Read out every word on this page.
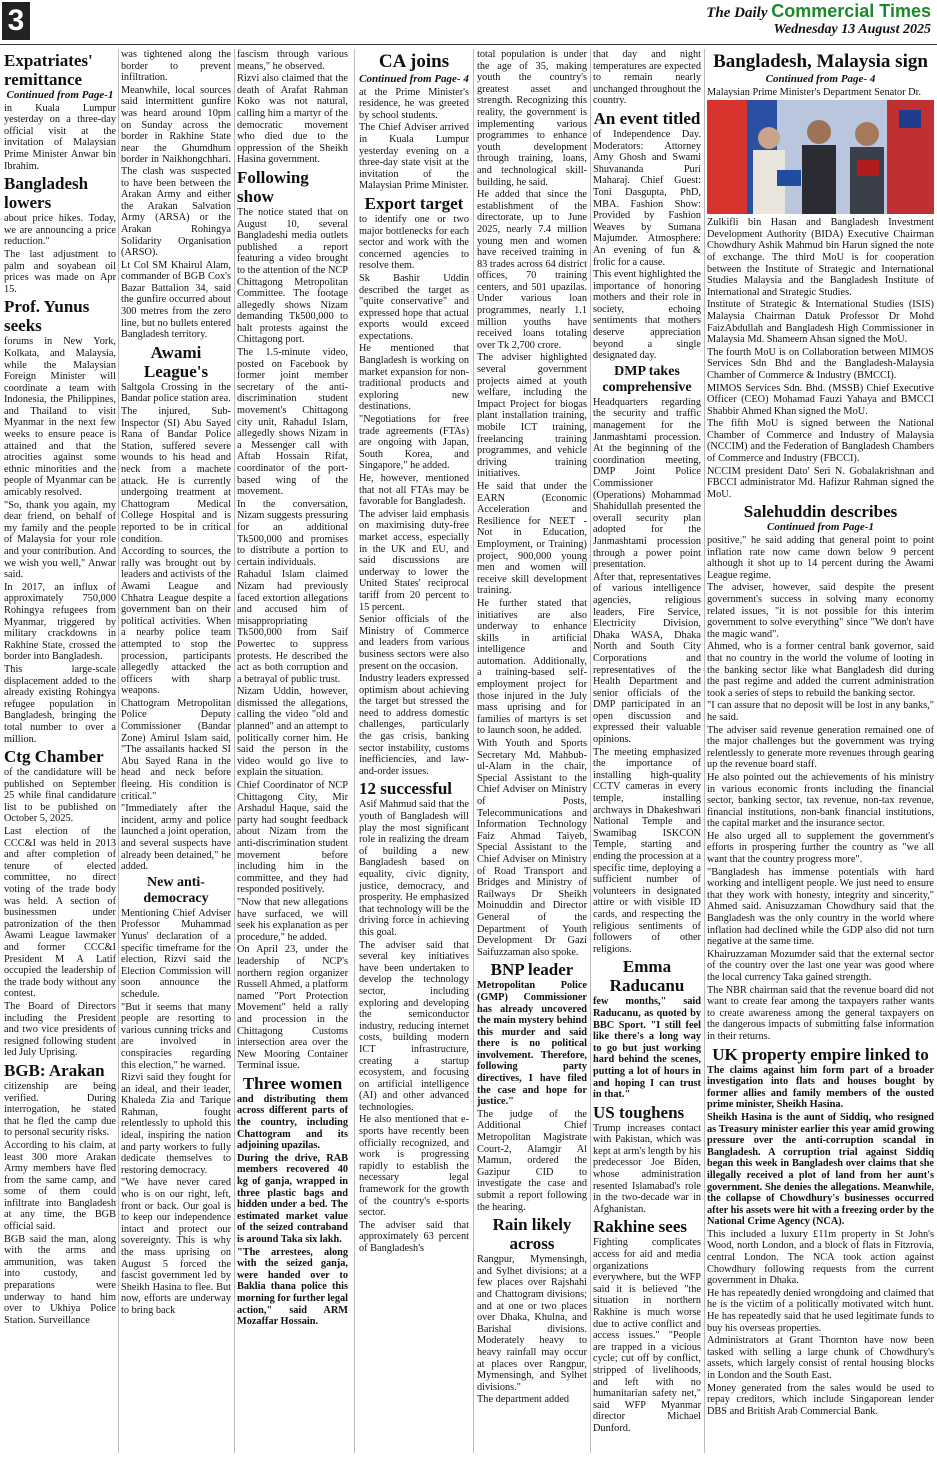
3	The Daily Commercial Times
Wednesday 13 August 2025
Expatriates' remittance
Continued from Page-1

in Kuala Lumpur yesterday on a three-day official visit at the invitation of Malaysian Prime Minister Anwar bin Ibrahim.

Bangladesh lowers

about price hikes. Today, we are announcing a price reduction."

The last adjustment to palm and soyabean oil prices was made on Apr 15.

Prof. Yunus seeks

forums in New York, Kolkata, and Malaysia, while the Malaysian Foreign Minister will coordinate a team with Indonesia, the Philippines, and Thailand to visit Myanmar in the next few weeks to ensure peace is attained and that the atrocities against some ethnic minorities and the people of Myanmar can be amicably resolved.

"So, thank you again, my dear friend, on behalf of my family and the people of Malaysia for your role and your contribution. And we wish you well," Anwar said.

In 2017, an influx of approximately 750,000 Rohingya refugees from Myanmar, triggered by military crackdowns in Rakhine State, crossed the border into Bangladesh.

This large-scale displacement added to the already existing Rohingya refugee population in Bangladesh, bringing the total number to over a million.

Ctg Chamber

of the candidature will be published on September 25 while final candidature list to be published on October 5, 2025.

Last election of the CCC&I was held in 2013 and after completion of tenure of elected committee, no direct voting of the trade body was held. A section of businessmen under patronization of the then Awami League lawmaker and former CCC&I President M A Latif occupied the leadership of the trade body without any contest.

The Board of Directors including the President and two vice presidents of resigned following student led July Uprising.

BGB: Arakan

citizenship are being verified. During interrogation, he stated that he fled the camp due to personal security risks.

According to his claim, at least 300 more Arakan Army members have fled from the same camp, and some of them could infiltrate into Bangladesh at any time, the BGB official said.

BGB said the man, along with the arms and ammunition, was taken into custody, and preparations were underway to hand him over to Ukhiya Police Station. Surveillance

was tightened along the border to prevent infiltration.

Meanwhile, local sources said intermittent gunfire was heard around 10pm on Sunday across the border in Rakhine State near the Ghumdhum border in Naikhongchhari. The clash was suspected to have been between the Arakan Army and either the Arakan Salvation Army (ARSA) or the Arakan Rohingya Solidarity Organisation (ARSO).

Lt Col SM Khairul Alam, commander of BGB Cox's Bazar Battalion 34, said the gunfire occurred about 300 metres from the zero line, but no bullets entered Bangladesh territory.

Awami League's

Saltgola Crossing in the Bandar police station area.

The injured, Sub-Inspector (SI) Abu Sayed Rana of Bandar Police Station, suffered severe wounds to his head and neck from a machete attack. He is currently undergoing treatment at Chattogram Medical College Hospital and is reported to be in critical condition.

According to sources, the rally was brought out by leaders and activists of the Awami League and Chhatra League despite a government ban on their political activities. When a nearby police team attempted to stop the procession, participants allegedly attacked the officers with sharp weapons.

Chattogram Metropolitan Police Deputy Commissioner (Bandar Zone) Amirul Islam said, "The assailants hacked SI Abu Sayed Rana in the head and neck before fleeing. His condition is critical."

"Immediately after the incident, army and police launched a joint operation, and several suspects have already been detained," he added.

New anti-democracy

Mentioning Chief Adviser Professor Muhammad Yunus' declaration of a specific timeframe for the election, Rizvi said the Election Commission will soon announce the schedule.

"But it seems that many people are resorting to various cunning tricks and are involved in conspiracies regarding this election," he warned.

Rizvi said they fought for an ideal, and their leader, Khaleda Zia and Tarique Rahman, fought relentlessly to uphold this ideal, inspiring the nation and party workers to fully dedicate themselves to restoring democracy.

"We have never cared who is on our right, left, front or back. Our goal is to keep our independence intact and protect our sovereignty. This is why the mass uprising on August 5 forced the fascist government led by Sheikh Hasina to flee. But now, efforts are underway to bring back

fascism through various means," he observed.

Rizvi also claimed that the death of Arafat Rahman Koko was not natural, calling him a martyr of the democratic movement who died due to the oppression of the Sheikh Hasina government.

Following show

The notice stated that on August 10, several Bangladeshi media outlets published a report featuring a video brought to the attention of the NCP Chittagong Metropolitan Committee. The footage allegedly shows Nizam demanding Tk500,000 to halt protests against the Chittagong port.

The 1.5-minute video, posted on Facebook by former joint member secretary of the anti-discrimination student movement's Chittagong city unit, Rahadul Islam, allegedly shows Nizam in a Messenger call with Aftab Hossain Rifat, coordinator of the port-based wing of the movement.

In the conversation, Nizam suggests pressuring for an additional Tk500,000 and promises to distribute a portion to certain individuals.

Rahadul Islam claimed Nizam had previously faced extortion allegations and accused him of misappropriating Tk500,000 from Saif Powertec to suppress protests. He described the act as both corruption and a betrayal of public trust.

Nizam Uddin, however, dismissed the allegations, calling the video "old and planned" and an attempt to politically corner him. He said the person in the video would go live to explain the situation.

Chief Coordinator of NCP Chittagong City, Mir Arshadul Haque, said the party had sought feedback about Nizam from the anti-discrimination student movement before including him in the committee, and they had responded positively.

"Now that new allegations have surfaced, we will seek his explanation as per procedure," he added.

On April 23, under the leadership of NCP's northern region organizer Russell Ahmed, a platform named "Port Protection Movement" held a rally and procession in the Chittagong Customs intersection area over the New Mooring Container Terminal issue.

Three women

and distributing them across different parts of the country, including Chattogram and its adjoining upazilas.

During the drive, RAB members recovered 40 kg of ganja, wrapped in three plastic bags and hidden under a bed. The estimated market value of the seized contraband is around Taka six lakh.

"The arrestees, along with the seized ganja, were handed over to Baklia thana police this morning for further legal action," said ARM Mozaffar Hossain.

CA joins
Continued from Page- 4

at the Prime Minister's residence, he was greeted by school students.

The Chief Adviser arrived in Kuala Lumpur yesterday evening on a three-day state visit at the invitation of the Malaysian Prime Minister.

Export target

to identify one or two major bottlenecks for each sector and work with the concerned agencies to resolve them.

Sk Bashir Uddin described the target as "quite conservative" and expressed hope that actual exports would exceed expectations.

He mentioned that Bangladesh is working on market expansion for non-traditional products and exploring new destinations.

"Negotiations for free trade agreements (FTAs) are ongoing with Japan, South Korea, and Singapore," he added.

He, however, mentioned that not all FTAs may be favorable for Bangladesh.

The adviser laid emphasis on maximising duty-free market access, especially in the UK and EU, and said discussions are underway to lower the United States' reciprocal tariff from 20 percent to 15 percent.

Senior officials of the Ministry of Commerce and leaders from various business sectors were also present on the occasion.

Industry leaders expressed optimism about achieving the target but stressed the need to address domestic challenges, particularly the gas crisis, banking sector instability, customs inefficiencies, and law-and-order issues.

12 successful

Asif Mahmud said that the youth of Bangladesh will play the most significant role in realizing the dream of building a new Bangladesh based on equality, civic dignity, justice, democracy, and prosperity. He emphasized that technology will be the driving force in achieving this goal.

The adviser said that several key initiatives have been undertaken to develop the technology sector, including exploring and developing the semiconductor industry, reducing internet costs, building modern ICT infrastructure, creating a startup ecosystem, and focusing on artificial intelligence (AI) and other advanced technologies.

He also mentioned that e-sports have recently been officially recognized, and work is progressing rapidly to establish the necessary legal framework for the growth of the country's e-sports sector.

The adviser said that approximately 63 percent of Bangladesh's

total population is under the age of 35, making youth the country's greatest asset and strength. Recognizing this reality, the government is implementing various programmes to enhance youth development through training, loans, and technological skill-building, he said.

He added that since the establishment of the directorate, up to June 2025, nearly 7.4 million young men and women have received training in 83 trades across 64 district offices, 70 training centers, and 501 upazilas. Under various loan programmes, nearly 1.1 million youths have received loans totaling over Tk 2,700 crore.

The adviser highlighted several government projects aimed at youth welfare, including the Impact Project for biogas plant installation training, mobile ICT training, freelancing training programmes, and vehicle driving training initiatives.

He said that under the EARN (Economic Acceleration and Resilience for NEET - Not in Education, Employment, or Training) project, 900,000 young men and women will receive skill development training.

He further stated that initiatives are also underway to enhance skills in artificial intelligence and automation. Additionally, a training-based self-employment project for those injured in the July mass uprising and for families of martyrs is set to launch soon, he added.

With Youth and Sports Secretary Md. Mahbub-ul-Alam in the chair, Special Assistant to the Chief Adviser on Ministry of Posts, Telecommunications and Information Technology Faiz Ahmad Taiyeb, Special Assistant to the Chief Adviser on Ministry of Road Transport and Bridges and Ministry of Railways Dr Sheikh Moinuddin and Director General of the Department of Youth Development Dr Gazi Saifuzzaman also spoke.

BNP leader

Metropolitan Police (GMP) Commissioner has already uncovered the main mystery behind this murder and said there is no political involvement. Therefore, following party directives, I have filed the case and hope for justice."

The judge of the Additional Chief Metropolitan Magistrate Court-2, Alamgir Al Mamun, ordered the Gazipur CID to investigate the case and submit a report following the hearing.

Rain likely across

Rangpur, Mymensingh, and Sylhet divisions; at a few places over Rajshahi and Chattogram divisions; and at one or two places over Dhaka, Khulna, and Barishal divisions. Moderately heavy to heavy rainfall may occur at places over Rangpur, Mymensingh, and Sylhet divisions."

The department added

that day and night temperatures are expected to remain nearly unchanged throughout the country.

An event titled

of Independence Day. Moderators: Attorney Amy Ghosh and Swami Shuvananda Puri Maharaj. Chief Guest: Toni Dasgupta, PhD, MBA. Fashion Show: Provided by Fashion Weaves by Sumana Majumder. Atmosphere: An evening of fun & frolic for a cause.

This event highlighted the importance of honoring mothers and their role in society, echoing sentiments that mothers deserve appreciation beyond a single designated day.

DMP takes comprehensive

Headquarters regarding the security and traffic management for the Janmashtami procession. At the beginning of the coordination meeting, DMP Joint Police Commissioner (Operations) Mohammad Shahidullah presented the overall security plan adopted for the Janmashtami procession through a power point presentation.

After that, representatives of various intelligence agencies, religious leaders, Fire Service, Electricity Division, Dhaka WASA, Dhaka North and South City Corporations and representatives of the Health Department and senior officials of the DMP participated in an open discussion and expressed their valuable opinions.

The meeting emphasized the importance of installing high-quality CCTV cameras in every temple, installing archways in Dhakeshwari National Temple and Swamibag ISKCON Temple, starting and ending the procession at a specific time, deploying a sufficient number of volunteers in designated attire or with visible ID cards, and respecting the religious sentiments of followers of other religions.

Emma Raducanu

few months," said Raducanu, as quoted by BBC Sport. "I still feel like there's a long way to go but just working hard behind the scenes, putting a lot of hours in and hoping I can trust in that."

US toughens

Trump increases contact with Pakistan, which was kept at arm's length by his predecessor Joe Biden, whose administration resented Islamabad's role in the two-decade war in Afghanistan.

Rakhine sees

Fighting complicates access for aid and media organizations everywhere, but the WFP said it is believed "the situation in northern Rakhine is much worse due to active conflict and access issues." "People are trapped in a vicious cycle; cut off by conflict, stripped of livelihoods, and left with no humanitarian safety net," said WFP Myanmar director Michael Dunford.

Bangladesh, Malaysia sign
Continued from Page- 4

Malaysian Prime Minister's Department Senator Dr.

Zulkifli bin Hasan and Bangladesh Investment Development Authority (BIDA) Executive Chairman Chowdhury Ashik Mahmud bin Harun signed the note of exchange. The third MoU is for cooperation between the Institute of Strategic and International Studies Malaysia and the Bangladesh Institute of International and Strategic Studies.

Institute of Strategic & International Studies (ISIS) Malaysia Chairman Datuk Professor Dr Mohd FaizAbdullah and Bangladesh High Commissioner in Malaysia Md. Shameem Ahsan signed the MoU.

The fourth MoU is on Collaboration between MIMOS Services Sdn Bhd and the Bangladesh-Malaysia Chamber of Commerce & Industry (BMCCI).

MIMOS Services Sdn. Bhd. (MSSB) Chief Executive Officer (CEO) Mohamad Fauzi Yahaya and BMCCI Shabbir Ahmed Khan signed the MoU.

The fifth MoU is signed between the National Chamber of Commerce and Industry of Malaysia (NCCIM) and the Federation of Bangladesh Chambers of Commerce and Industry (FBCCI).

NCCIM president Dato' Seri N. Gobalakrishnan and FBCCI administrator Md. Hafizur Rahman signed the MoU.

Salehuddin describes
Continued from Page-1

positive," he said adding that general point to point inflation rate now came down below 9 percent although it shot up to 14 percent during the Awami League regime.

The adviser, however, said despite the present government's success in solving many economy related issues, "it is not possible for this interim government to solve everything" since "We don't have the magic wand".

Ahmed, who is a former central bank governor, said that no country in the world the volume of looting in the banking sector like what Bangladesh did during the past regime and added the current administration took a series of steps to rebuild the banking sector.

"I can assure that no deposit will be lost in any banks," he said.

The adviser said revenue generation remained one of the major challenges but the government was trying relentlessly to generate more revenues through gearing up the revenue board staff.

He also pointed out the achievements of his ministry in various economic fronts including the financial sector, banking sector, tax revenue, non-tax revenue, financial institutions, non-bank financial institutions, the capital market and the insurance sector.

He also urged all to supplement the government's efforts in prospering further the country as "we all want that the country progress more".

"Bangladesh has immense potentials with hard working and intelligent people. We just need to ensure that they work with honesty, integrity and sincerity," Ahmed said. Anisuzzaman Chowdhury said that the Bangladesh was the only country in the world where inflation had declined while the GDP also did not turn negative at the same time.

Khairuzzaman Mozumder said that the external sector of the country over the last one year was good where the local currency Taka gained strength.

The NBR chairman said that the revenue board did not want to create fear among the taxpayers rather wants to create awareness among the general taxpayers on the dangerous impacts of submitting false information in their returns.

UK property empire linked to

The claims against him form part of a broader investigation into flats and houses bought by former allies and family members of the ousted prime minister, Sheikh Hasina.

Sheikh Hasina is the aunt of Siddiq, who resigned as Treasury minister earlier this year amid growing pressure over the anti-corruption scandal in Bangladesh. A corruption trial against Siddiq began this week in Bangladesh over claims that she illegally received a plot of land from her aunt's government. She denies the allegations. Meanwhile, the collapse of Chowdhury's businesses occurred after his assets were hit with a freezing order by the National Crime Agency (NCA).

This included a luxury £11m property in St John's Wood, north London, and a block of flats in Fitzrovia, central London. The NCA took action against Chowdhury following requests from the current government in Dhaka.

He has repeatedly denied wrongdoing and claimed that he is the victim of a politically motivated witch hunt. He has repeatedly said that he used legitimate funds to buy his overseas properties.

Administrators at Grant Thornton have now been tasked with selling a large chunk of Chowdhury's assets, which largely consist of rental housing blocks in London and the South East.

Money generated from the sales would be used to repay creditors, which include Singaporean lender DBS and British Arab Commercial Bank.
